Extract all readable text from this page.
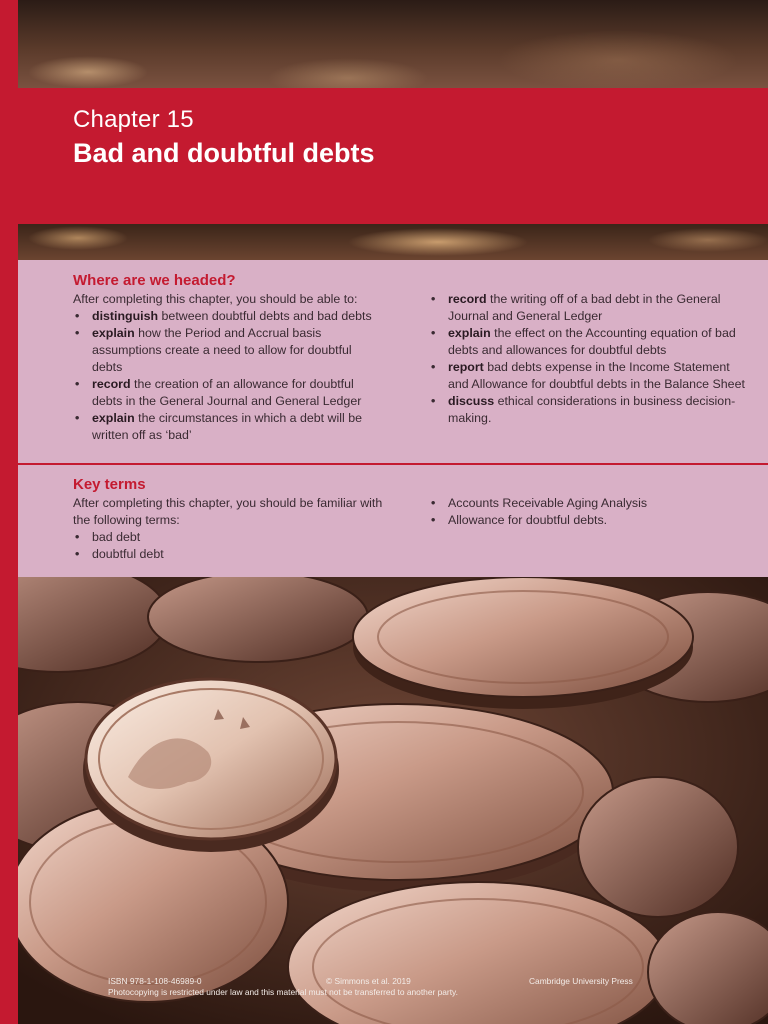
Chapter 15
Bad and doubtful debts
Where are we headed?

After completing this chapter, you should be able to:

• distinguish between doubtful debts and bad debts
• explain how the Period and Accrual basis assumptions create a need to allow for doubtful debts
• record the creation of an allowance for doubtful debts in the General Journal and General Ledger
• explain the circumstances in which a debt will be written off as ‘bad’
• record the writing off of a bad debt in the General Journal and General Ledger
• explain the effect on the Accounting equation of bad debts and allowances for doubtful debts
• report bad debts expense in the Income Statement and Allowance for doubtful debts in the Balance Sheet
• discuss ethical considerations in business decision-making.
Key terms

After completing this chapter, you should be familiar with the following terms:

• bad debt
• doubtful debt
• Accounts Receivable Aging Analysis
• Allowance for doubtful debts.
ISBN 978-1-108-46989-0	© Simmons et al. 2019	Cambridge University Press
Photocopying is restricted under law and this material must not be transferred to another party.
